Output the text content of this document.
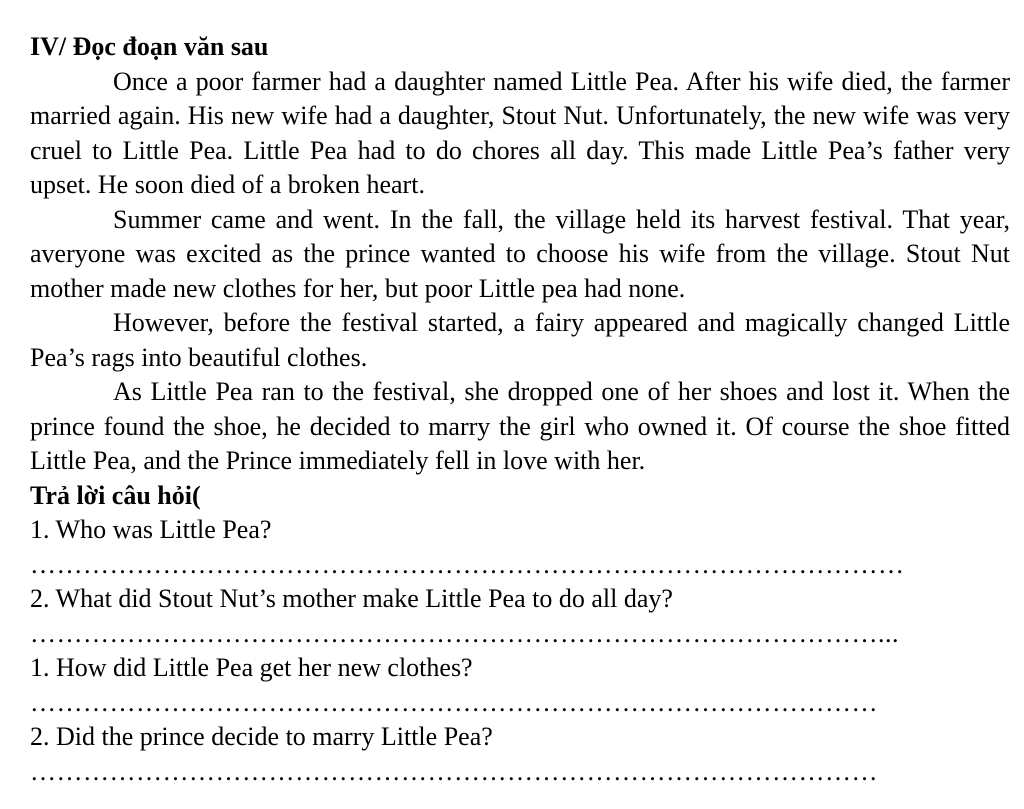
IV/ Đọc đoạn văn sau

Once a poor farmer had a daughter named Little Pea. After his wife died, the farmer married again. His new wife had a daughter, Stout Nut. Unfortunately, the new wife was very cruel to Little Pea. Little Pea had to do chores all day. This made Little Pea’s father very upset. He soon died of a broken heart.

Summer came and went. In the fall, the village held its harvest festival. That year, averyone was excited as the prince wanted to choose his wife from the village. Stout Nut mother made new clothes for her, but poor Little pea had none.

However, before the festival started, a fairy appeared and magically changed Little Pea’s rags into beautiful clothes.

As Little Pea ran to the festival, she dropped one of her shoes and lost it. When the prince found the shoe, he decided to marry the girl who owned it. Of course the shoe fitted Little Pea, and the Prince immediately fell in love with her.

Trả lời câu hỏi(
1. Who was Little Pea?
………………………………………………………………………………………
2. What did Stout Nut’s mother make Little Pea to do all day?
……………………………………………………………………………………...
1. How did Little Pea get her new clothes?
……………………………………………………………………………………
2. Did the prince decide to marry Little Pea?
……………………………………………………………………………………
